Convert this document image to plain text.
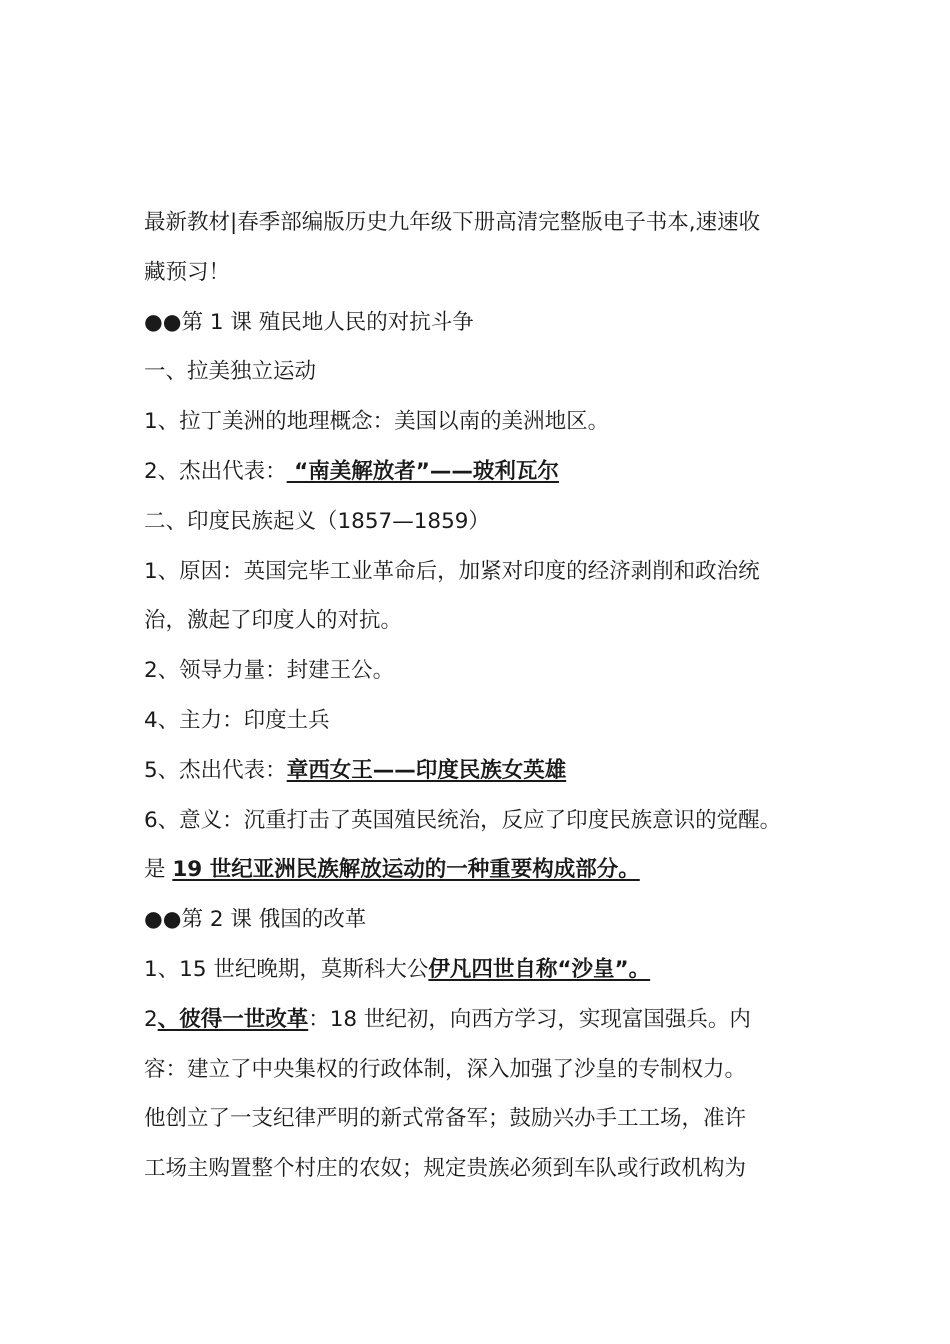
最新教材|春季部编版历史九年级下册高清完整版电子书本,速速收
藏预习！
●●第 1 课 殖民地人民的对抗斗争
一、拉美独立运动
1、拉丁美洲的地理概念：美国以南的美洲地区。
2、杰出代表： “南美解放者”——玻利瓦尔
二、印度民族起义（1857—1859）
1、原因：英国完毕工业革命后，加紧对印度的经济剥削和政治统
治，激起了印度人的对抗。
2、领导力量：封建王公。
4、主力：印度土兵
5、杰出代表：章西女王——印度民族女英雄
6、意义：沉重打击了英国殖民统治，反应了印度民族意识的觉醒。
是 19 世纪亚洲民族解放运动的一种重要构成部分。
●●第 2 课 俄国的改革
1、15 世纪晚期，莫斯科大公伊凡四世自称“沙皇”。
2、彼得一世改革：18 世纪初，向西方学习，实现富国强兵。内
容：建立了中央集权的行政体制，深入加强了沙皇的专制权力。
他创立了一支纪律严明的新式常备军；鼓励兴办手工工场，准许
工场主购置整个村庄的农奴；规定贵族必须到车队或行政机构为
